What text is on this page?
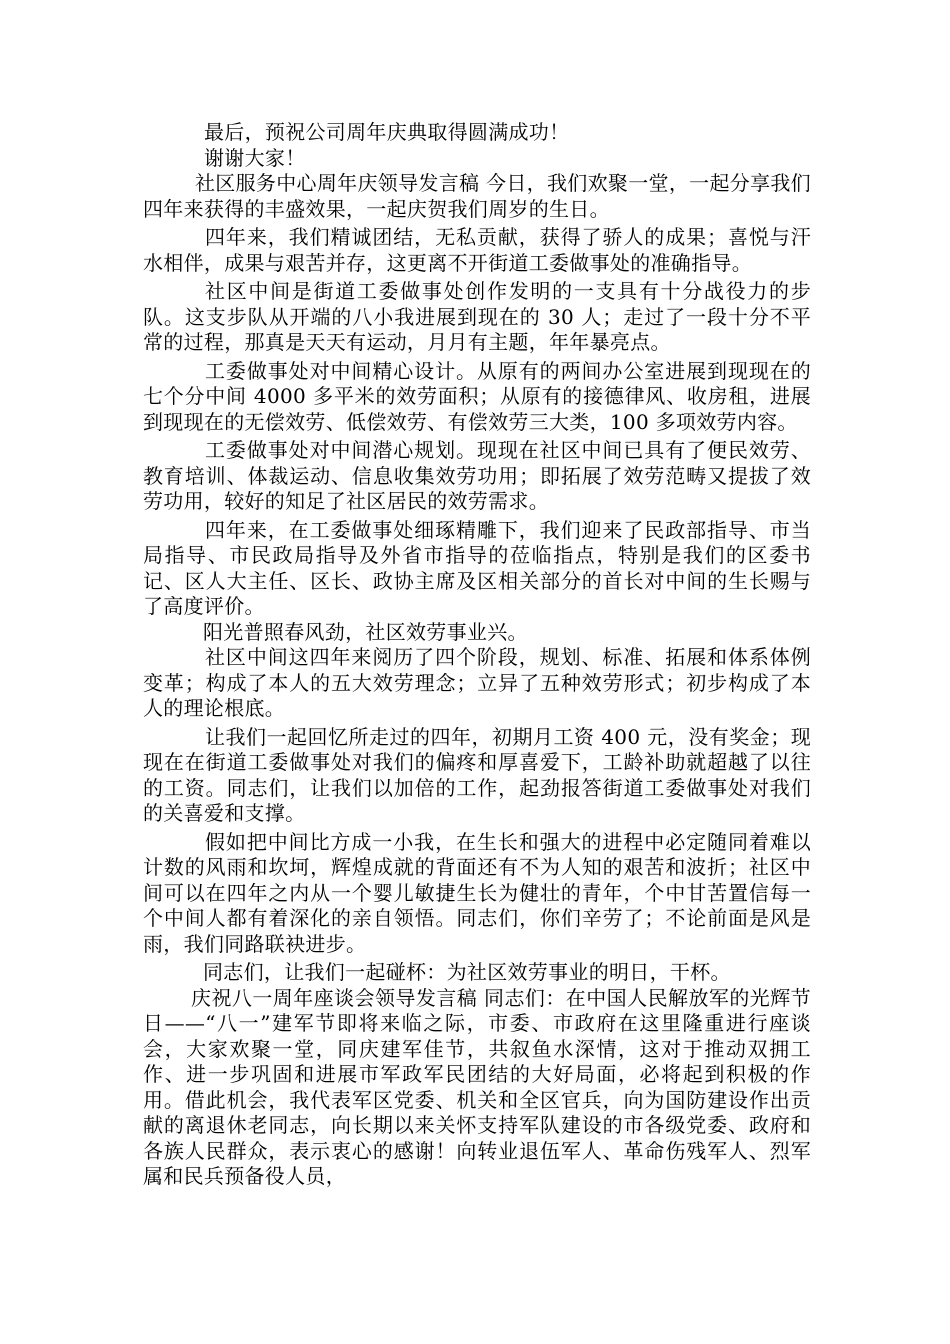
最后，预祝公司周年庆典取得圆满成功！

谢谢大家！

社区服务中心周年庆领导发言稿 今日，我们欢聚一堂，一起分享我们四年来获得的丰盛效果，一起庆贺我们周岁的生日。

四年来，我们精诚团结，无私贡献，获得了骄人的成果；喜悦与汗水相伴，成果与艰苦并存，这更离不开街道工委做事处的准确指导。

社区中间是街道工委做事处创作发明的一支具有十分战役力的步队。这支步队从开端的八小我进展到现在的 30 人；走过了一段十分不平常的过程，那真是天天有运动，月月有主题，年年暴亮点。

工委做事处对中间精心设计。从原有的两间办公室进展到现现在的七个分中间 4000 多平米的效劳面积；从原有的接德律风、收房租，进展到现现在的无偿效劳、低偿效劳、有偿效劳三大类，100 多项效劳内容。

工委做事处对中间潜心规划。现现在社区中间已具有了便民效劳、教育培训、体裁运动、信息收集效劳功用；即拓展了效劳范畴又提拔了效劳功用，较好的知足了社区居民的效劳需求。

四年来，在工委做事处细琢精雕下，我们迎来了民政部指导、市当局指导、市民政局指导及外省市指导的莅临指点，特别是我们的区委书记、区人大主任、区长、政协主席及区相关部分的首长对中间的生长赐与了高度评价。

阳光普照春风劲，社区效劳事业兴。

社区中间这四年来阅历了四个阶段，规划、标准、拓展和体系体例变革；构成了本人的五大效劳理念；立异了五种效劳形式；初步构成了本人的理论根底。

让我们一起回忆所走过的四年，初期月工资 400 元，没有奖金；现现在在街道工委做事处对我们的偏疼和厚喜爱下，工龄补助就超越了以往的工资。同志们，让我们以加倍的工作，起劲报答街道工委做事处对我们的关喜爱和支撑。

假如把中间比方成一小我，在生长和强大的进程中必定随同着难以计数的风雨和坎坷，辉煌成就的背面还有不为人知的艰苦和波折；社区中间可以在四年之内从一个婴儿敏捷生长为健壮的青年，个中甘苦置信每一个中间人都有着深化的亲自领悟。同志们，你们辛劳了；不论前面是风是雨，我们同路联袂进步。

同志们，让我们一起碰杯：为社区效劳事业的明日，干杯。

庆祝八一周年座谈会领导发言稿 同志们：在中国人民解放军的光辉节日——“八一”建军节即将来临之际，市委、市政府在这里隆重进行座谈会，大家欢聚一堂，同庆建军佳节，共叙鱼水深情，这对于推动双拥工作、进一步巩固和进展市军政军民团结的大好局面，必将起到积极的作用。借此机会，我代表军区党委、机关和全区官兵，向为国防建设作出贡献的离退休老同志，向长期以来关怀支持军队建设的市各级党委、政府和各族人民群众，表示衷心的感谢！向转业退伍军人、革命伤残军人、烈军属和民兵预备役人员，
